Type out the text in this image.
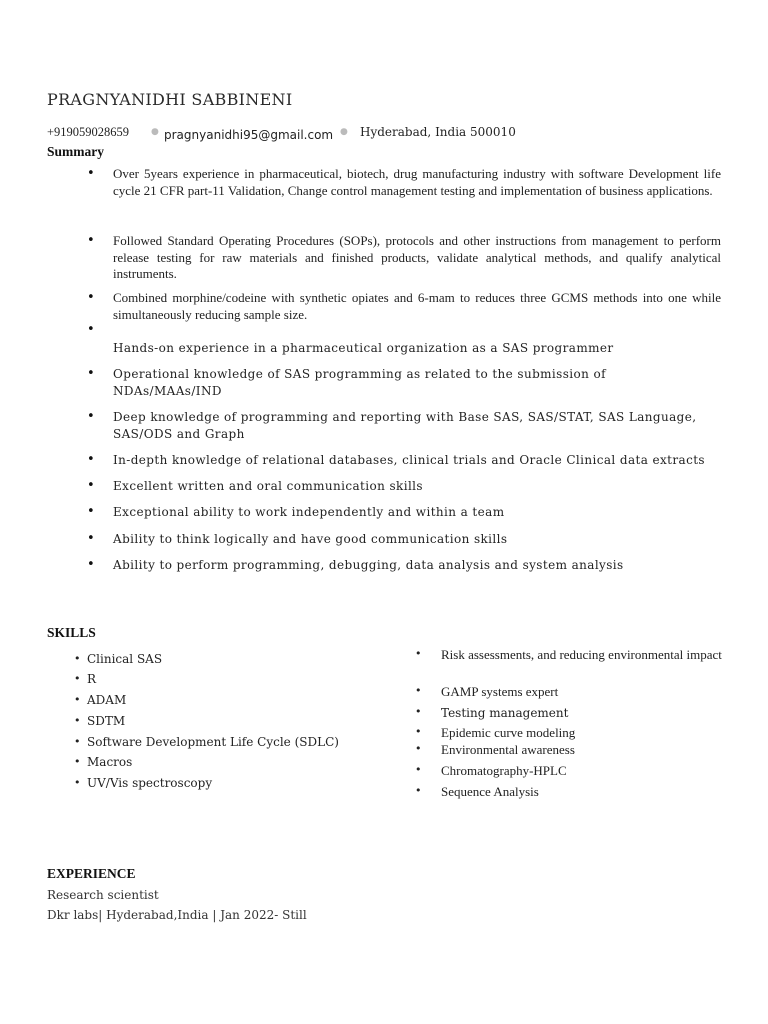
PRAGNYANIDHI SABBINENI
+919059028659 ● pragnyanidhi95@gmail.com ● Hyderabad, India 500010
Summary
• Over 5years experience in pharmaceutical, biotech, drug manufacturing industry with software Development life cycle 21 CFR part-11 Validation, Change control management testing and implementation of business applications.
• Followed Standard Operating Procedures (SOPs), protocols and other instructions from management to perform release testing for raw materials and finished products, validate analytical methods, and qualify analytical instruments.
• Combined morphine/codeine with synthetic opiates and 6-mam to reduces three GCMS methods into one while simultaneously reducing sample size.
•
Hands-on experience in a pharmaceutical organization as a SAS programmer
• Operational knowledge of SAS programming as related to the submission of NDAs/MAAs/IND
• Deep knowledge of programming and reporting with Base SAS, SAS/STAT, SAS Language, SAS/ODS and Graph
• In-depth knowledge of relational databases, clinical trials and Oracle Clinical data extracts
• Excellent written and oral communication skills
• Exceptional ability to work independently and within a team
• Ability to think logically and have good communication skills
• Ability to perform programming, debugging, data analysis and system analysis
SKILLS
• Clinical SAS
• R
• ADAM
• SDTM
• Software Development Life Cycle (SDLC)
• Macros
• UV/Vis spectroscopy
• Risk assessments, and reducing environmental impact
• GAMP systems expert
• Testing management
• Epidemic curve modeling
• Environmental awareness
• Chromatography-HPLC
• Sequence Analysis
EXPERIENCE
Research scientist
Dkr labs| Hyderabad,India | Jan 2022- Still
